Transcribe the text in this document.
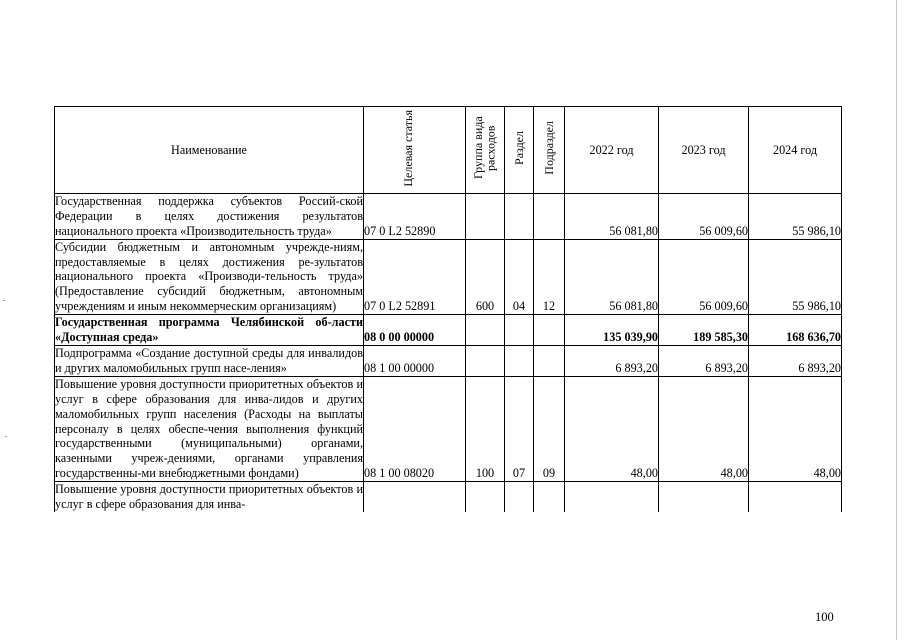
Наименование	Целевая статья	Группа вида расходов	Раздел	Подраздел	2022 год	2023 год	2024 год

Государственная поддержка субъектов Россий-ской Федерации в целях достижения результатов национального проекта «Производительность труда»	07 0 L2 52890				56 081,80	56 009,60	55 986,10

Субсидии бюджетным и автономным учрежде-ниям, предоставляемые в целях достижения ре-зультатов национального проекта «Производи-тельность труда» (Предоставление субсидий бюджетным, автономным учреждениям и иным некоммерческим организациям)	07 0 L2 52891	600	04	12	56 081,80	56 009,60	55 986,10

Государственная программа Челябинской об-ласти «Доступная среда»	08 0 00 00000				135 039,90	189 585,30	168 636,70

Подпрограмма «Создание доступной среды для инвалидов и других маломобильных групп насе-ления»	08 1 00 00000				6 893,20	6 893,20	6 893,20

Повышение уровня доступности приоритетных объектов и услуг в сфере образования для инва-лидов и других маломобильных групп населения (Расходы на выплаты персоналу в целях обеспе-чения выполнения функций государственными (муниципальными) органами, казенными учреж-дениями, органами управления государственны-ми внебюджетными фондами)	08 1 00 08020	100	07	09	48,00	48,00	48,00

Повышение уровня доступности приоритетных объектов и услуг в сфере образования для инва-							

100
